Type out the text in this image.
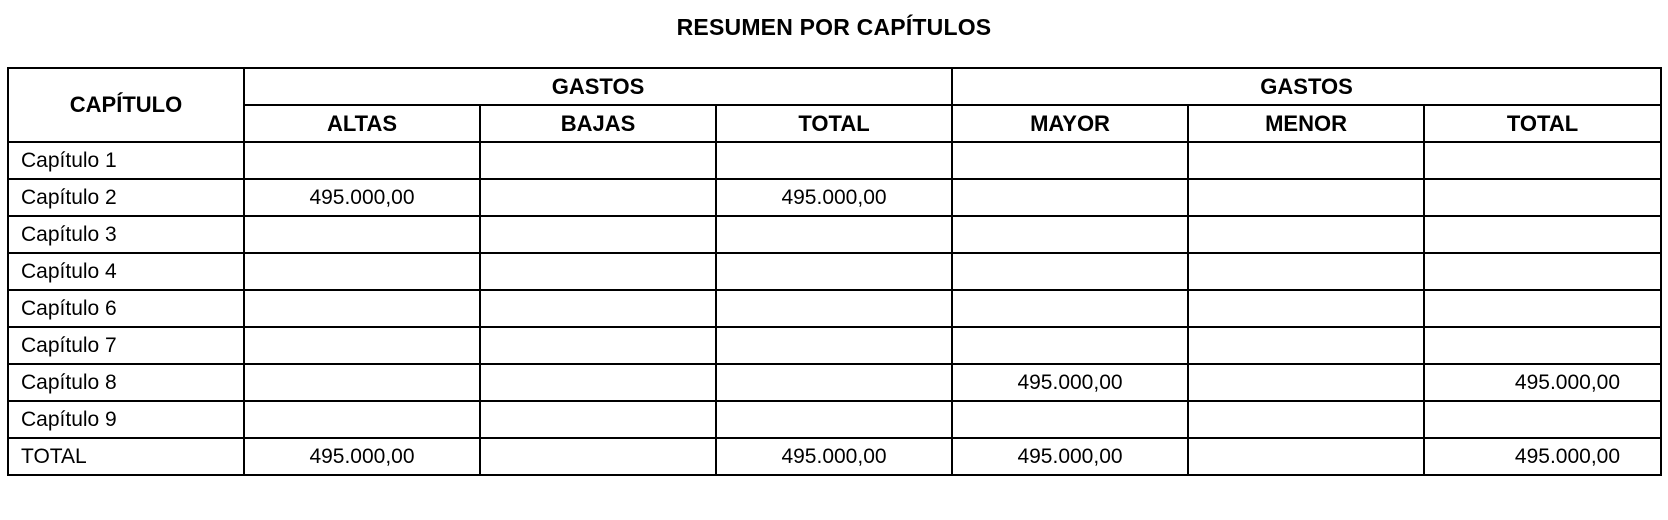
RESUMEN POR CAPÍTULOS
CAPÍTULO	GASTOS			GASTOS		
	ALTAS	BAJAS	TOTAL	MAYOR	MENOR	TOTAL
Capítulo 1						
Capítulo 2	495.000,00		495.000,00			
Capítulo 3						
Capítulo 4						
Capítulo 6						
Capítulo 7						
Capítulo 8				495.000,00		495.000,00
Capítulo 9						
TOTAL	495.000,00		495.000,00	495.000,00		495.000,00
